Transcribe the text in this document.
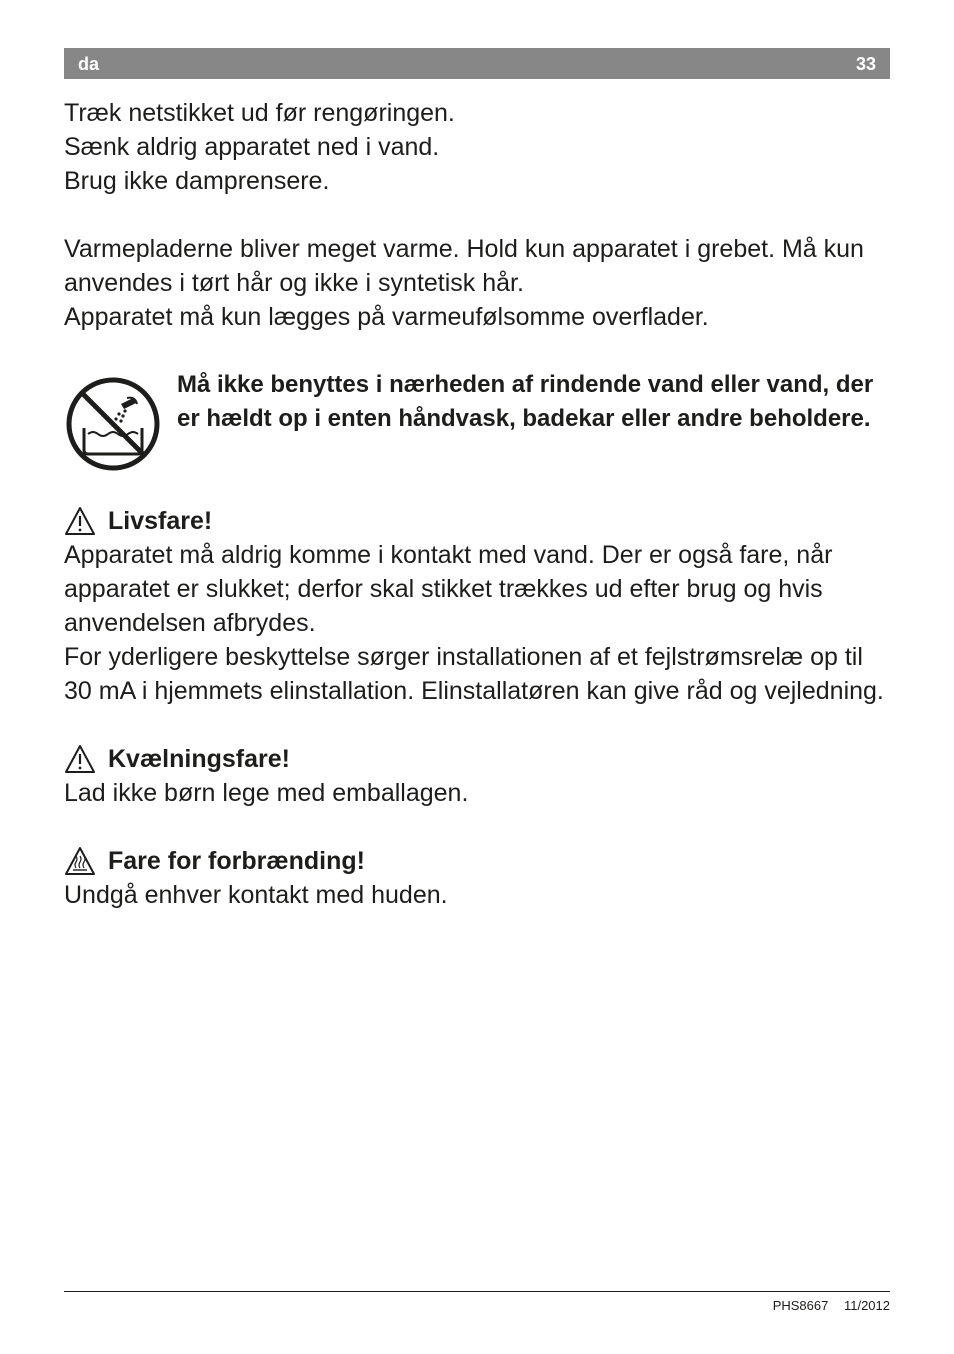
da	33

Træk netstikket ud før rengøringen.

Sænk aldrig apparatet ned i vand.

Brug ikke damprensere.

Varmepladerne bliver meget varme. Hold kun apparatet i grebet. Må kun anvendes i tørt hår og ikke i syntetisk hår.

Apparatet må kun lægges på varmeufølsomme overflader.

Må ikke benyttes i nærheden af rindende vand eller vand, der er hældt op i enten håndvask, badekar eller andre beholdere.

Livsfare!

Apparatet må aldrig komme i kontakt med vand. Der er også fare, når apparatet er slukket; derfor skal stikket trækkes ud efter brug og hvis anvendelsen afbrydes.

For yderligere beskyttelse sørger installationen af et fejlstrømsrelæ op til 30 mA i hjemmets elinstallation. Elinstallatøren kan give råd og vejledning.

Kvælningsfare!

Lad ikke børn lege med emballagen.

Fare for forbrænding!

Undgå enhver kontakt med huden.

PHS8667 11/2012
